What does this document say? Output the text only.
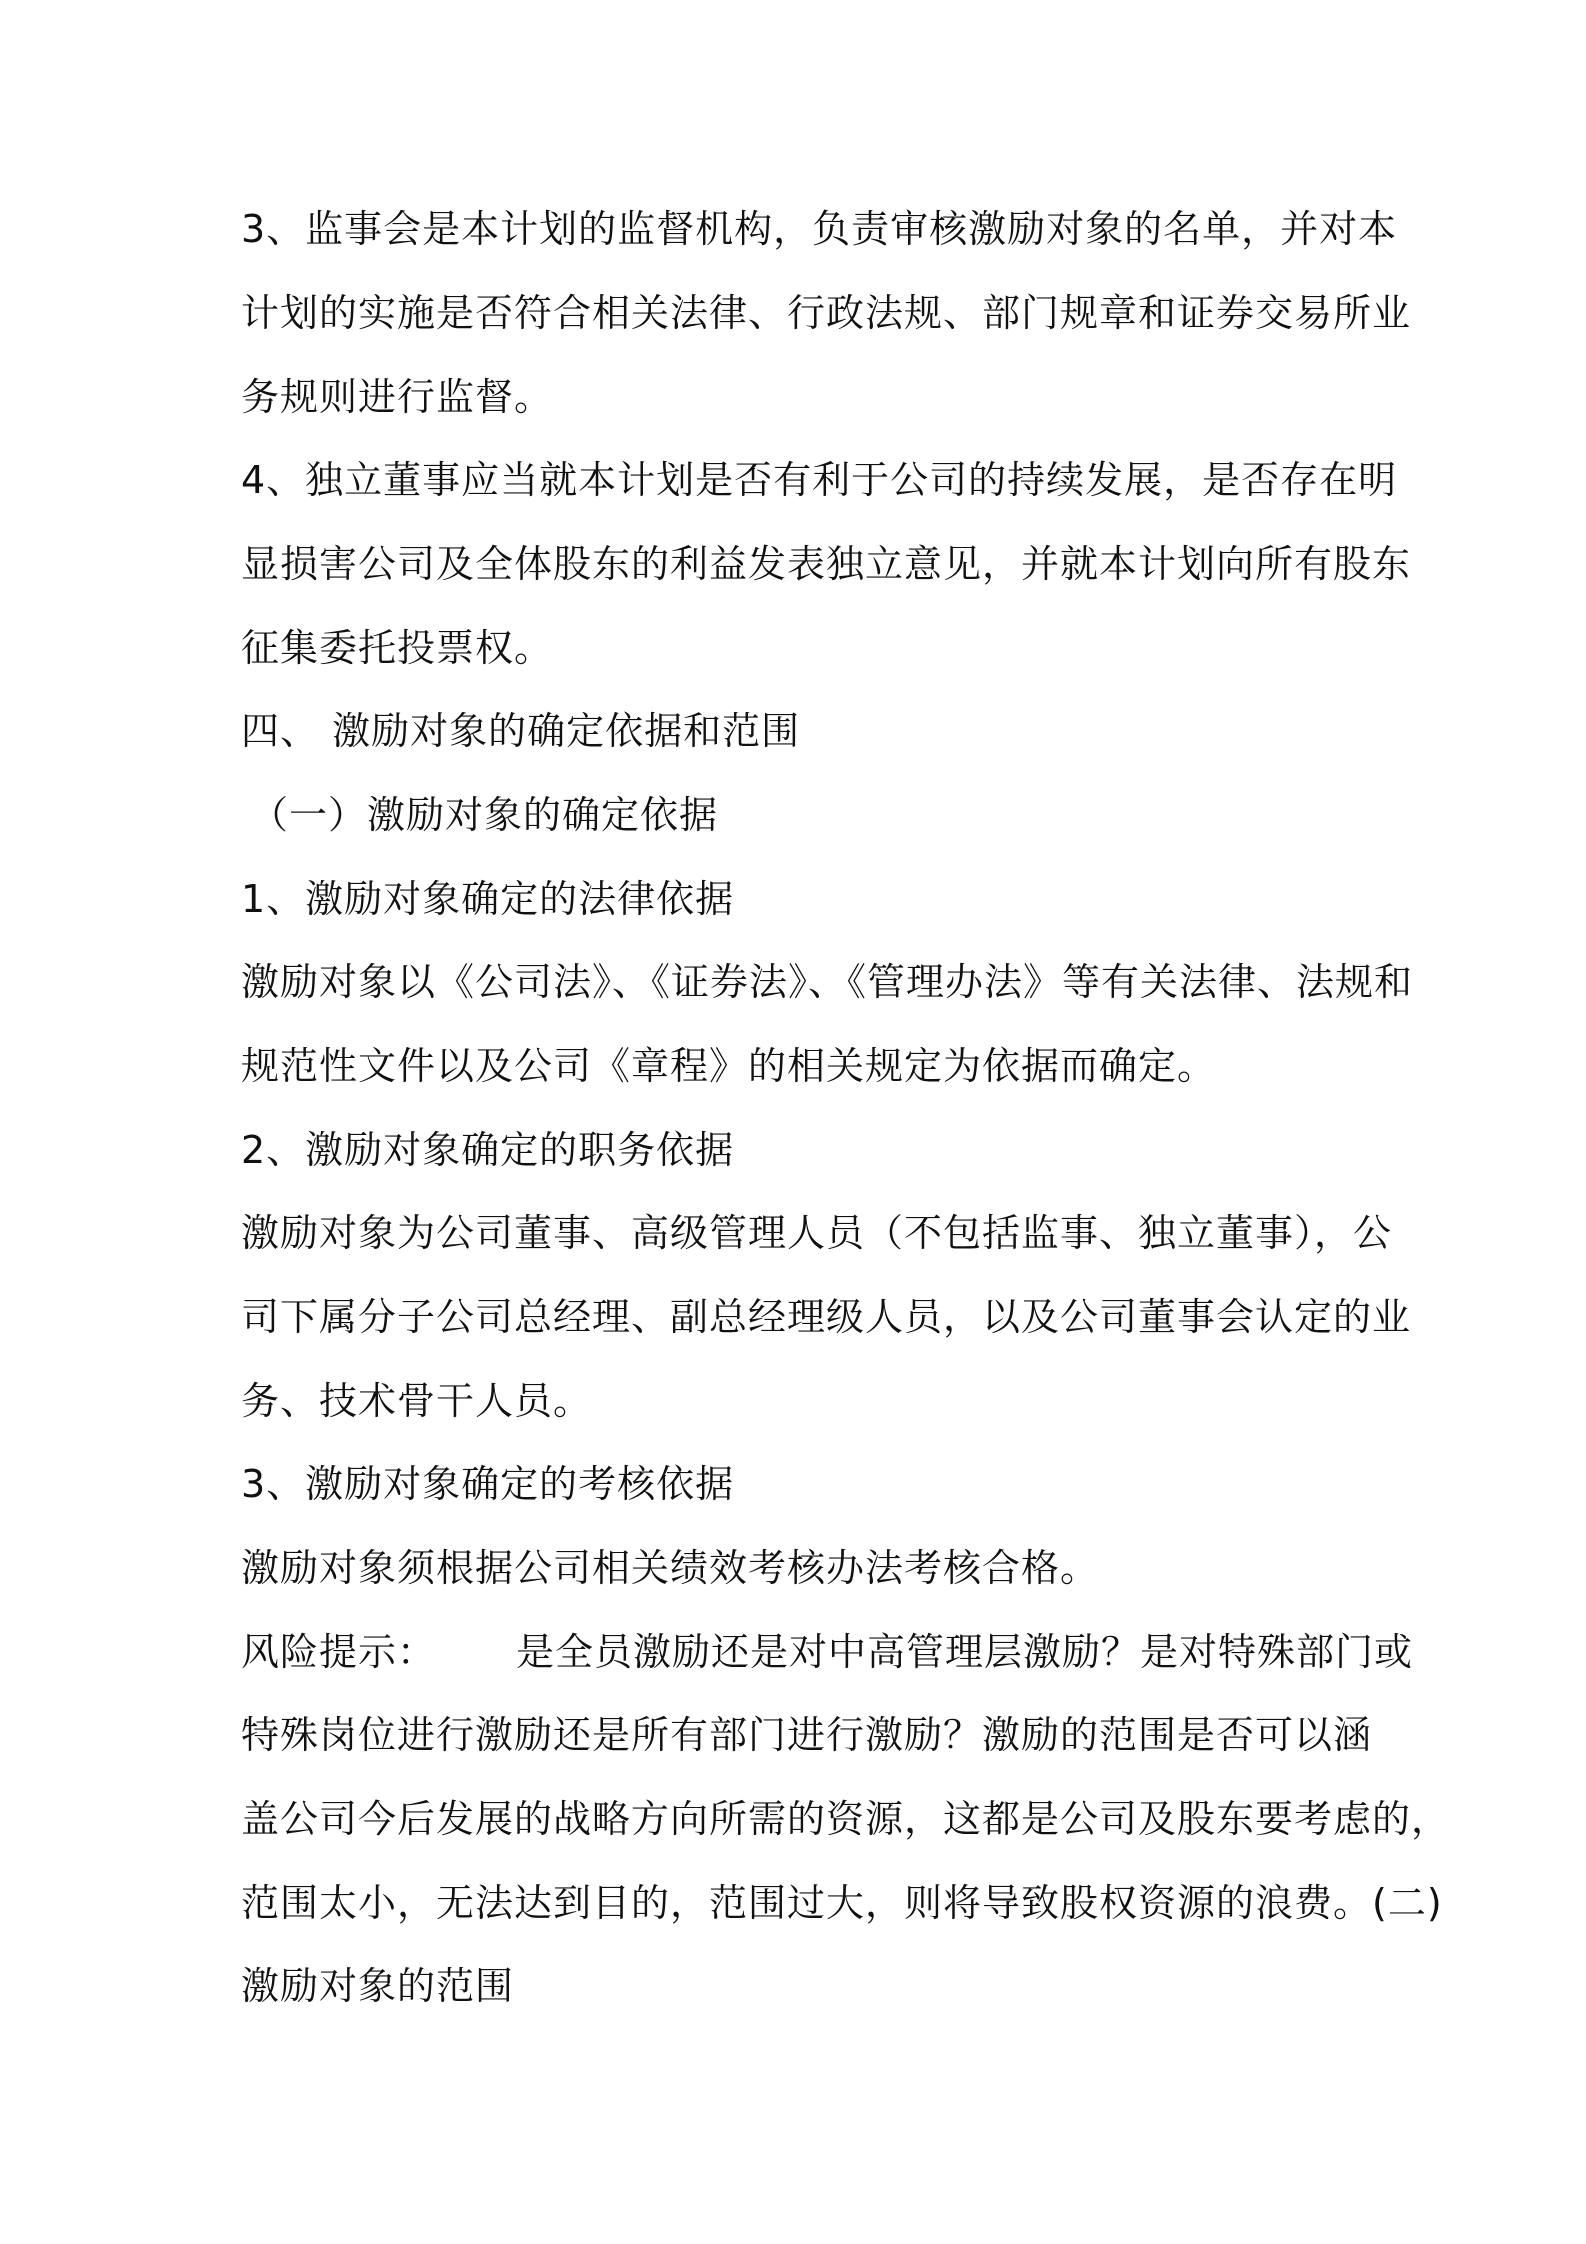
3、监事会是本计划的监督机构，负责审核激励对象的名单，并对本
计划的实施是否符合相关法律、行政法规、部门规章和证券交易所业
务规则进行监督。
4、独立董事应当就本计划是否有利于公司的持续发展，是否存在明
显损害公司及全体股东的利益发表独立意见，并就本计划向所有股东
征集委托投票权。
四、 激励对象的确定依据和范围
（一）激励对象的确定依据
1、激励对象确定的法律依据
激励对象以《公司法》、《证券法》、《管理办法》等有关法律、法规和
规范性文件以及公司《章程》的相关规定为依据而确定。
2、激励对象确定的职务依据
激励对象为公司董事、高级管理人员（不包括监事、独立董事），公
司下属分子公司总经理、副总经理级人员，以及公司董事会认定的业
务、技术骨干人员。
3、激励对象确定的考核依据
激励对象须根据公司相关绩效考核办法考核合格。
风险提示： 是全员激励还是对中高管理层激励？是对特殊部门或
特殊岗位进行激励还是所有部门进行激励？激励的范围是否可以涵
盖公司今后发展的战略方向所需的资源，这都是公司及股东要考虑的，
范围太小，无法达到目的，范围过大，则将导致股权资源的浪费。(二)
激励对象的范围
